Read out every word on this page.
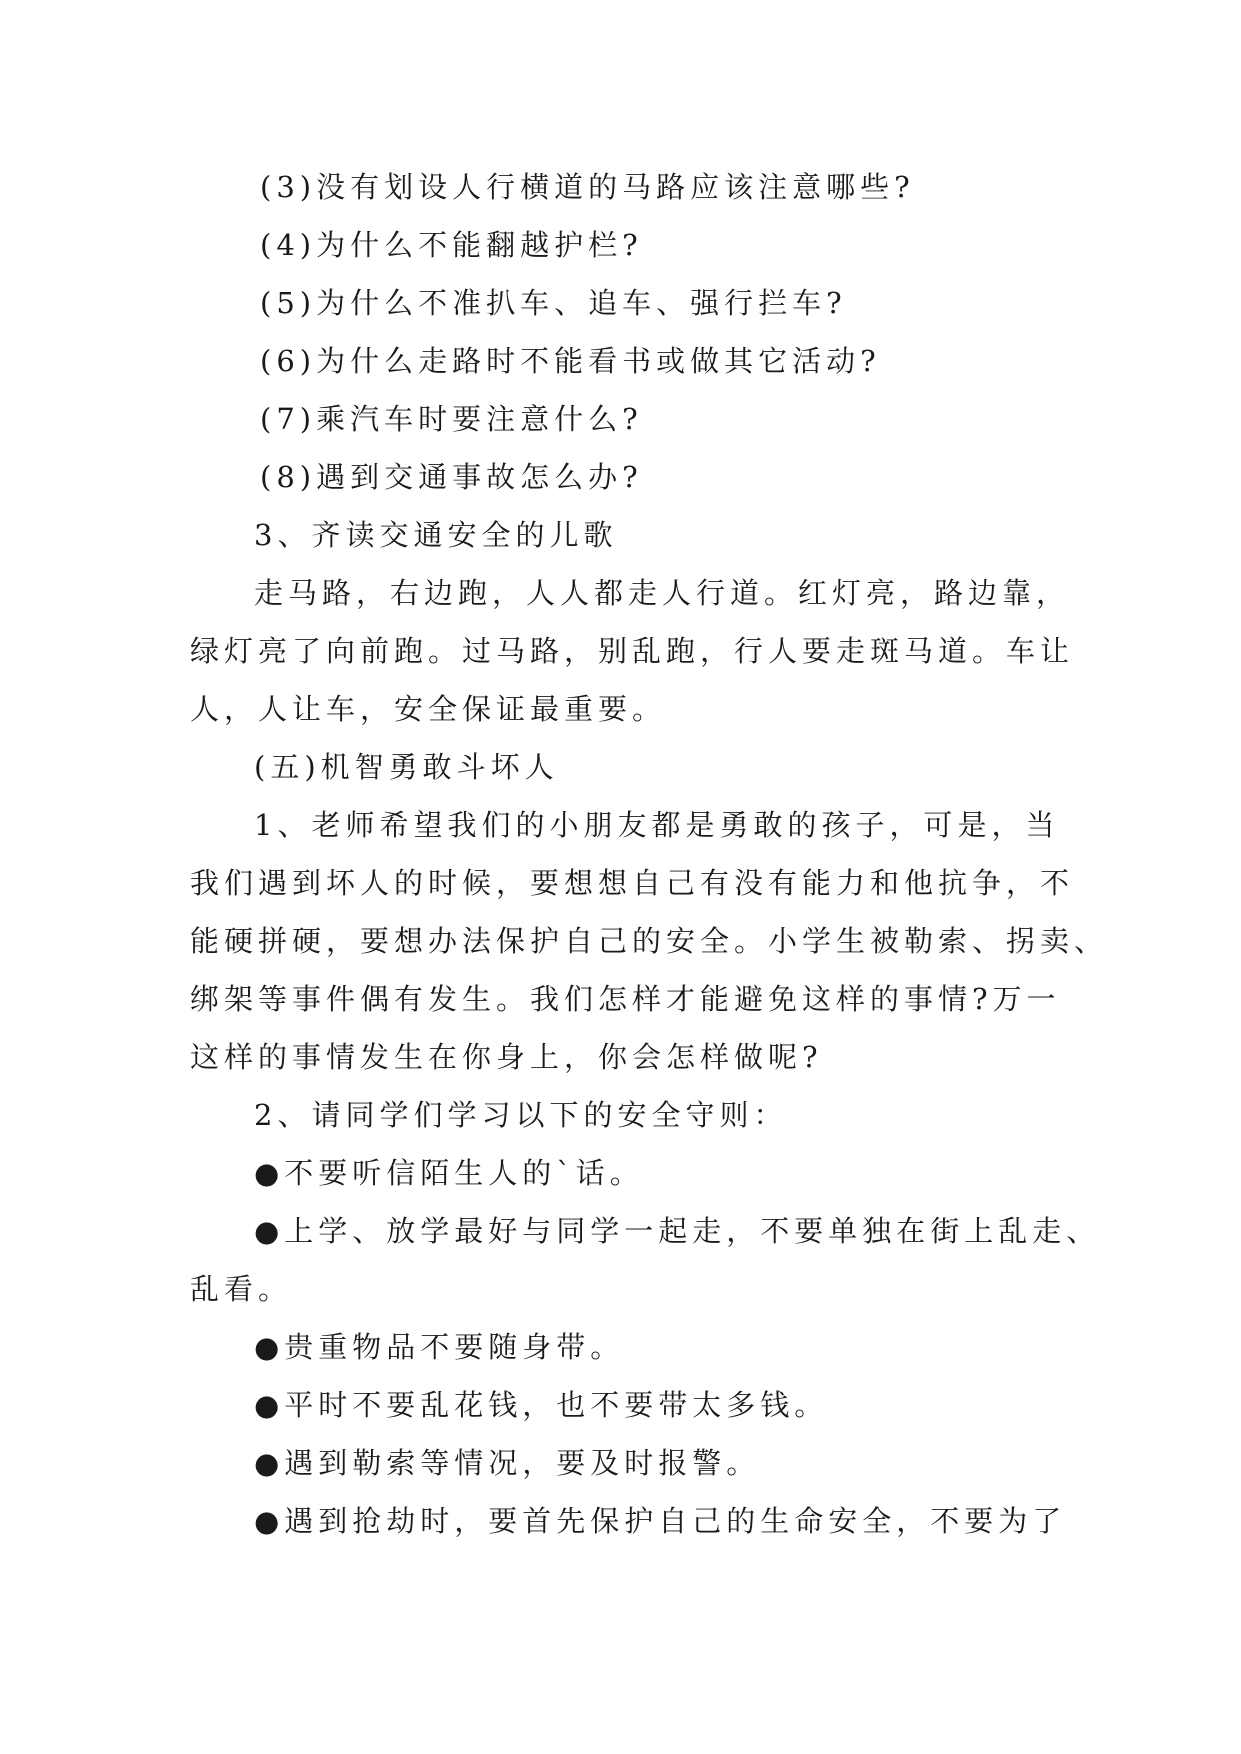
(3)没有划设人行横道的马路应该注意哪些?

(4)为什么不能翻越护栏?

(5)为什么不准扒车、追车、强行拦车?

(6)为什么走路时不能看书或做其它活动?

(7)乘汽车时要注意什么?

(8)遇到交通事故怎么办?

3、齐读交通安全的儿歌

走马路，右边跑，人人都走人行道。红灯亮，路边靠，

绿灯亮了向前跑。过马路，别乱跑，行人要走斑马道。车让

人，人让车，安全保证最重要。

(五)机智勇敢斗坏人

1、老师希望我们的小朋友都是勇敢的孩子，可是，当

我们遇到坏人的时候，要想想自己有没有能力和他抗争，不

能硬拼硬，要想办法保护自己的安全。小学生被勒索、拐卖、

绑架等事件偶有发生。我们怎样才能避免这样的事情?万一

这样的事情发生在你身上，你会怎样做呢?

2、请同学们学习以下的安全守则：

●不要听信陌生人的`话。

●上学、放学最好与同学一起走，不要单独在街上乱走、

乱看。

●贵重物品不要随身带。

●平时不要乱花钱，也不要带太多钱。

●遇到勒索等情况，要及时报警。

●遇到抢劫时，要首先保护自己的生命安全，不要为了
